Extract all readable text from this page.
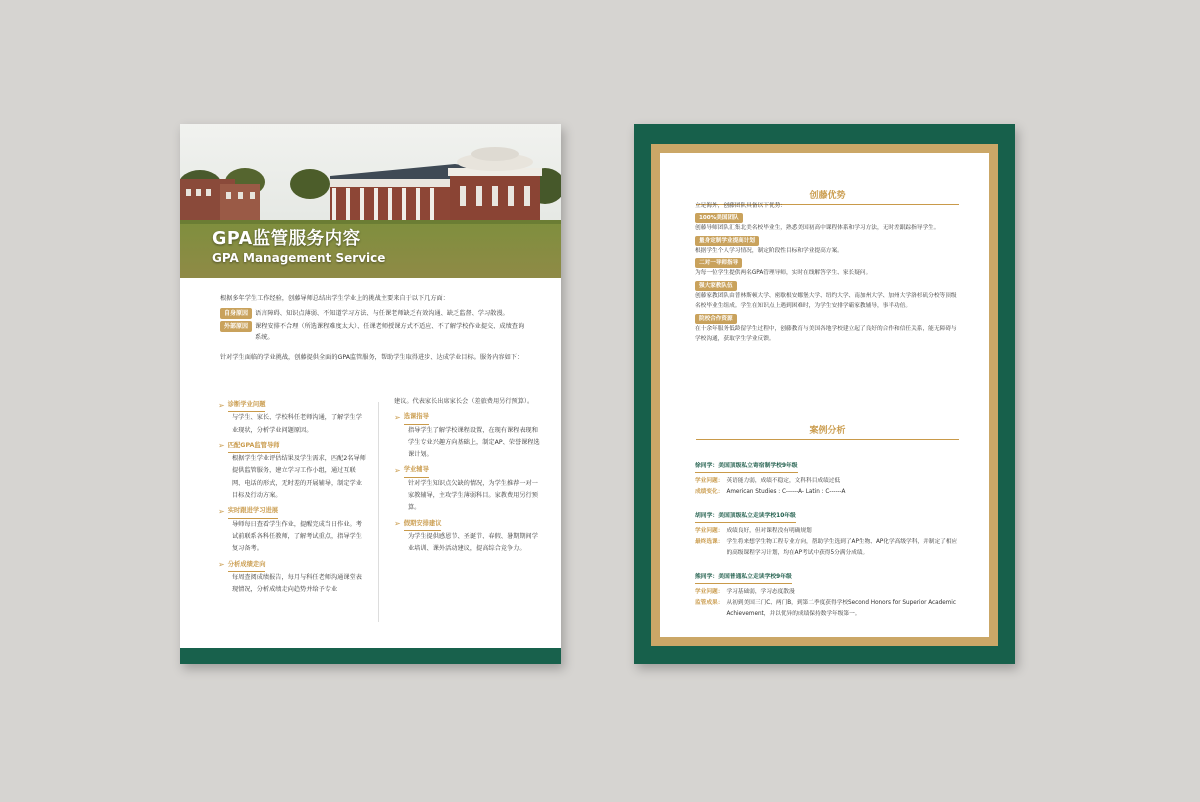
GPA监管服务内容
GPA Management Service

根据多年学生工作经验，创藤导师总结出学生学业上的挑战主要来自于以下几方面：

自身原因	语言障碍、知识点薄弱、不知道学习方法、与任课老师缺乏有效沟通、缺乏监督、学习散漫。
外部原因	课程安排不合理（所选课程难度太大）、任课老师授课方式不适应、不了解学校作业提交、成绩查询系统。

针对学生面临的学业挑战，创藤提供全面的GPA监管服务，帮助学生取得进步、达成学业目标。服务内容如下：

➢ 诊断学业问题
与学生、家长、学校科任老师沟通，了解学生学业现状，分析学业问题原因。
➢ 匹配GPA监管导师
根据学生学业评估结果及学生需求，匹配2名导师提供监管服务，建立学习工作小组，通过互联网、电话的形式，无时差的开展辅导，制定学业目标及行动方案。
➢ 实时跟进学习进展
导师每日查看学生作业，提醒完成当日作业。考试前联系各科任教师，了解考试重点，指导学生复习备考。
➢ 分析成绩走向
每周查阅成绩报告，每月与科任老师沟通课堂表现情况，分析成绩走向趋势并给予专业
建议。代表家长出席家长会（差旅费用另行预算）。
➢ 选课指导
指导学生了解学校课程设置，在现有课程表现和学生专业兴趣方向基础上，制定AP、荣誉课程选课计划。
➢ 学业辅导
针对学生知识点欠缺的情况，为学生推荐一对一家教辅导，主攻学生薄弱科目。家教费用另行预算。
➢ 假期安排建议
为学生提供感恩节、圣诞节、春假、暑期期间学业培训、课外活动建议，提高综合竞争力。
创藤优势
立足海外，创藤团队具备以下优势：
100%美国团队
创藤导师团队汇集北美名校毕业生，熟悉美国初高中课程体系和学习方法，无时差跟踪指导学生。
量身定制学业提高计划
根据学生个人学习情况，制定阶段性目标和学业提高方案。
二对一导师指导
为每一位学生提供两名GPA管理导师，实时在线解答学生、家长疑问。
强大家教队伍
创藤家教团队由普林斯顿大学、密歇根安娜堡大学、纽约大学、南加州大学、加州大学洛杉矶分校等顶级名校毕业生组成。学生在知识点上遇到困难时，为学生安排学霸家教辅导，事半功倍。
院校合作资源
在十余年服务低龄留学生过程中，创藤教育与美国各地学校建立起了良好的合作和信任关系，能无障碍与学校沟通，获取学生学业反馈。
案例分析
徐同学：美国顶级私立寄宿制学校9年级
学业问题： 英语能力弱，成绩不稳定，文科科目成绩过低
成绩变化： American Studies : C------A- Latin : C------A
胡同学：美国顶级私立走读学校10年级
学业问题： 成绩良好，但对课程没有明确规划
最终选课： 学生将来想学生物工程专业方向，帮助学生选到了AP生物、AP化学高级学科，并制定了相应的高级课程学习计划，均在AP考试中获得5分满分成绩。
熊同学：美国普通私立走读学校9年级
学业问题： 学习基础弱，学习态度散漫
监管成果： 从初到美国三门C、两门B，到第二季度获得学校Second Honors for Superior Academic Achievement，并以优异的成绩保持数学年级第一。
